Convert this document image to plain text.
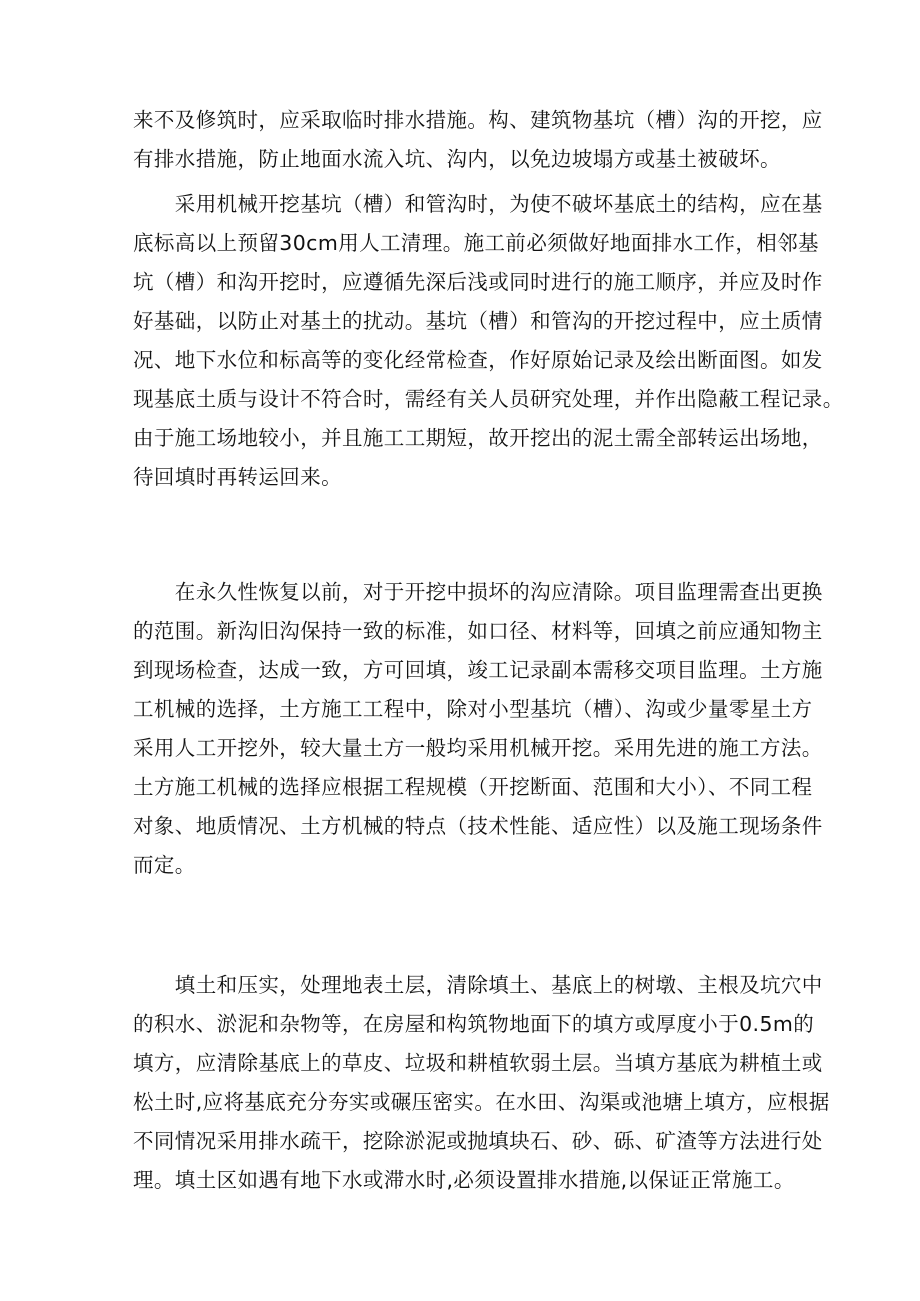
来不及修筑时，应采取临时排水措施。构、建筑物基坑（槽）沟的开挖，应
有排水措施，防止地面水流入坑、沟内，以免边坡塌方或基土被破坏。
　　采用机械开挖基坑（槽）和管沟时，为使不破坏基底土的结构，应在基
底标高以上预留30cm用人工清理。施工前必须做好地面排水工作，相邻基
坑（槽）和沟开挖时，应遵循先深后浅或同时进行的施工顺序，并应及时作
好基础，以防止对基土的扰动。基坑（槽）和管沟的开挖过程中，应土质情
况、地下水位和标高等的变化经常检查，作好原始记录及绘出断面图。如发
现基底土质与设计不符合时，需经有关人员研究处理，并作出隐蔽工程记录。
由于施工场地较小，并且施工工期短，故开挖出的泥土需全部转运出场地，
待回填时再转运回来。
　　在永久性恢复以前，对于开挖中损坏的沟应清除。项目监理需查出更换
的范围。新沟旧沟保持一致的标准，如口径、材料等，回填之前应通知物主
到现场检查，达成一致，方可回填，竣工记录副本需移交项目监理。土方施
工机械的选择，土方施工工程中，除对小型基坑（槽）、沟或少量零星土方
采用人工开挖外，较大量土方一般均采用机械开挖。采用先进的施工方法。
土方施工机械的选择应根据工程规模（开挖断面、范围和大小）、不同工程
对象、地质情况、土方机械的特点（技术性能、适应性）以及施工现场条件
而定。
　　填土和压实，处理地表土层，清除填土、基底上的树墩、主根及坑穴中
的积水、淤泥和杂物等，在房屋和构筑物地面下的填方或厚度小于0.5m的
填方，应清除基底上的草皮、垃圾和耕植软弱土层。当填方基底为耕植土或
松土时,应将基底充分夯实或碾压密实。在水田、沟渠或池塘上填方，应根据
不同情况采用排水疏干，挖除淤泥或抛填块石、砂、砾、矿渣等方法进行处
理。填土区如遇有地下水或滞水时,必须设置排水措施,以保证正常施工。
